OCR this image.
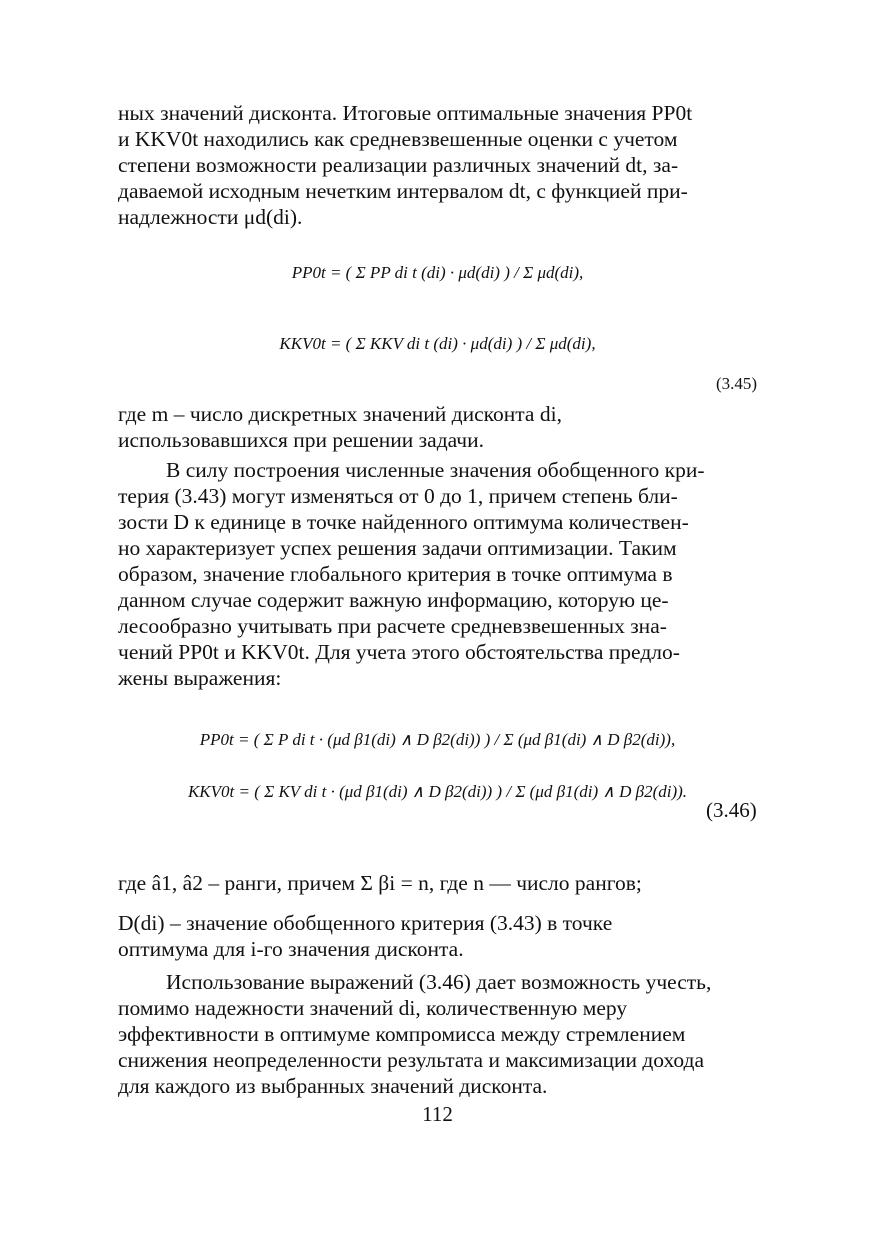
ных значений дисконта. Итоговые оптимальные значения PP0t
и KKV0t находились как средневзвешенные оценки с учетом
степени возможности реализации различных значений dt, за-
даваемой исходным нечетким интервалом dt, с функцией при-
надлежности μd(di).
PP0t = ( Σ PP di t (di) · μd(di) ) / Σ μd(di),
KKV0t = ( Σ KKV di t (di) · μd(di) ) / Σ μd(di),
(3.45)
где m – число дискретных значений дисконта di,
использовавшихся при решении задачи.
В силу построения численные значения обобщенного кри-
терия (3.43) могут изменяться от 0 до 1, причем степень бли-
зости D к единице в точке найденного оптимума количествен-
но характеризует успех решения задачи оптимизации. Таким
образом, значение глобального критерия в точке оптимума в
данном случае содержит важную информацию, которую це-
лесообразно учитывать при расчете средневзвешенных зна-
чений PP0t и KKV0t. Для учета этого обстоятельства предло-
жены выражения:
PP0t = ( Σ P di t · (μd β1(di) ∧ D β2(di)) ) / Σ (μd β1(di) ∧ D β2(di)),
KKV0t = ( Σ KV di t · (μd β1(di) ∧ D β2(di)) ) / Σ (μd β1(di) ∧ D β2(di)).
(3.46)
где â1, â2 – ранги, причем Σ βi = n, где n — число рангов;
D(di) – значение обобщенного критерия (3.43) в точке
оптимума для i-го значения дисконта.
Использование выражений (3.46) дает возможность учесть,
помимо надежности значений di, количественную меру
эффективности в оптимуме компромисса между стремлением
снижения неопределенности результата и максимизации дохода
для каждого из выбранных значений дисконта.
112
